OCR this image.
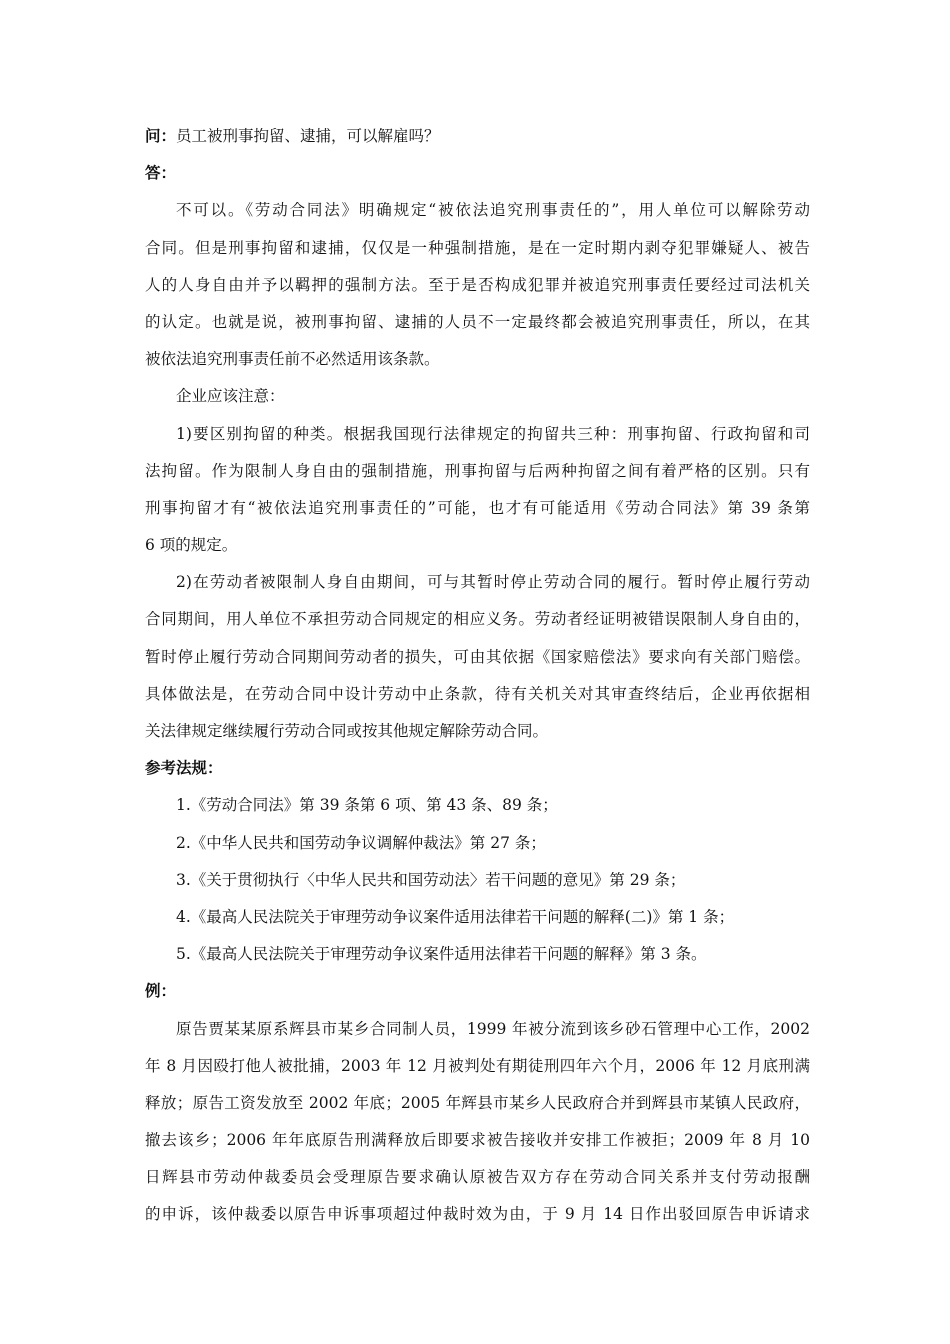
问：员工被刑事拘留、逮捕，可以解雇吗？
答：
不可以。《劳动合同法》明确规定“被依法追究刑事责任的”，用人单位可以解除劳动
合同。但是刑事拘留和逮捕，仅仅是一种强制措施，是在一定时期内剥夺犯罪嫌疑人、被告
人的人身自由并予以羁押的强制方法。至于是否构成犯罪并被追究刑事责任要经过司法机关
的认定。也就是说，被刑事拘留、逮捕的人员不一定最终都会被追究刑事责任，所以，在其
被依法追究刑事责任前不必然适用该条款。
企业应该注意：
1)要区别拘留的种类。根据我国现行法律规定的拘留共三种：刑事拘留、行政拘留和司
法拘留。作为限制人身自由的强制措施，刑事拘留与后两种拘留之间有着严格的区别。只有
刑事拘留才有“被依法追究刑事责任的”可能，也才有可能适用《劳动合同法》第 39 条第
6 项的规定。
2)在劳动者被限制人身自由期间，可与其暂时停止劳动合同的履行。暂时停止履行劳动
合同期间，用人单位不承担劳动合同规定的相应义务。劳动者经证明被错误限制人身自由的，
暂时停止履行劳动合同期间劳动者的损失，可由其依据《国家赔偿法》要求向有关部门赔偿。
具体做法是，在劳动合同中设计劳动中止条款，待有关机关对其审查终结后，企业再依据相
关法律规定继续履行劳动合同或按其他规定解除劳动合同。
参考法规：
1.《劳动合同法》第 39 条第 6 项、第 43 条、89 条；
2.《中华人民共和国劳动争议调解仲裁法》第 27 条；
3.《关于贯彻执行〈中华人民共和国劳动法〉若干问题的意见》第 29 条；
4.《最高人民法院关于审理劳动争议案件适用法律若干问题的解释(二)》第 1 条；
5.《最高人民法院关于审理劳动争议案件适用法律若干问题的解释》第 3 条。
例：
原告贾某某原系辉县市某乡合同制人员，1999 年被分流到该乡砂石管理中心工作，2002
年 8 月因殴打他人被批捕，2003 年 12 月被判处有期徒刑四年六个月，2006 年 12 月底刑满
释放；原告工资发放至 2002 年底；2005 年辉县市某乡人民政府合并到辉县市某镇人民政府，
撤去该乡；2006 年年底原告刑满释放后即要求被告接收并安排工作被拒；2009 年 8 月 10
日辉县市劳动仲裁委员会受理原告要求确认原被告双方存在劳动合同关系并支付劳动报酬
的申诉，该仲裁委以原告申诉事项超过仲裁时效为由，于 9 月 14 日作出驳回原告申诉请求
